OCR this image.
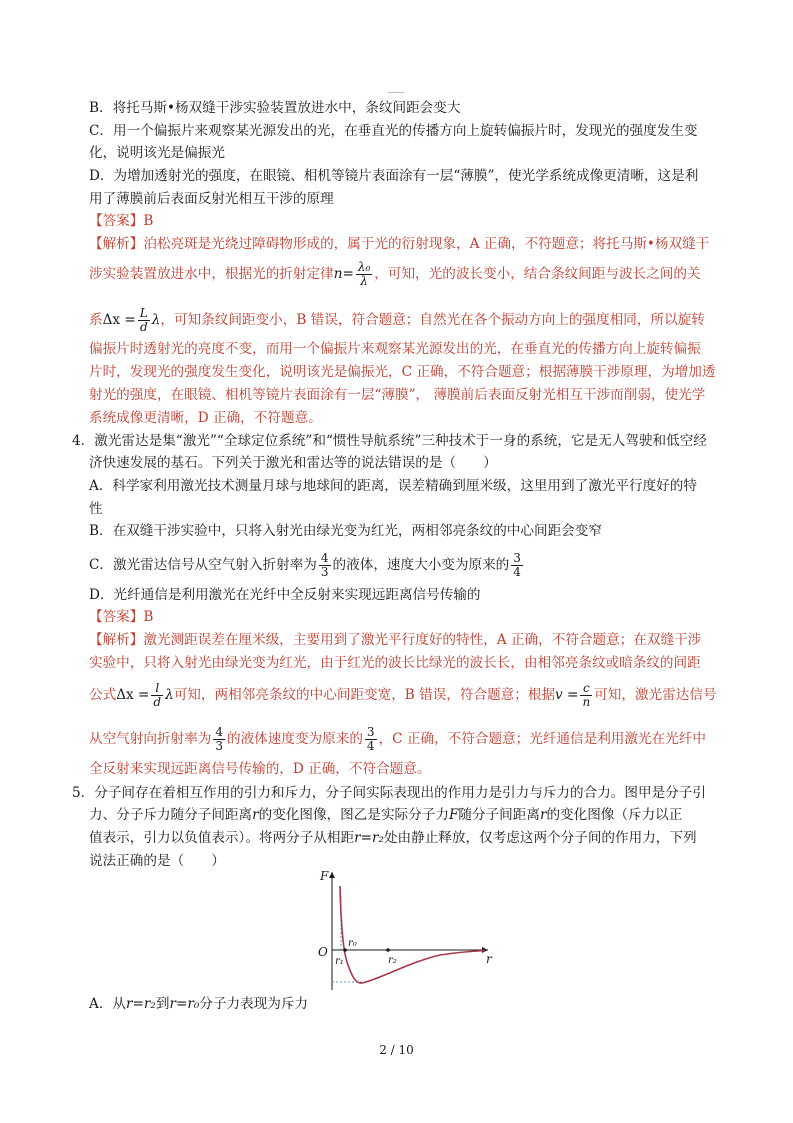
B．将托马斯•杨双缝干涉实验装置放进水中，条纹间距会变大
C．用一个偏振片来观察某光源发出的光，在垂直光的传播方向上旋转偏振片时，发现光的强度发生变
化，说明该光是偏振光
D．为增加透射光的强度，在眼镜、相机等镜片表面涂有一层“薄膜”，使光学系统成像更清晰，这是利
用了薄膜前后表面反射光相互干涉的原理
【答案】B
【解析】泊松亮斑是光绕过障碍物形成的，属于光的衍射现象，A 正确，不符题意；将托马斯•杨双缝干
涉实验装置放进水中，根据光的折射定律$n= \frac{\text{λ₀}}{\lambda}$ ，可知，光的波长变小，结合条纹间距与波长之间的关
系$\Delta x = \frac{L}{d}$ λ，可知条纹间距变小，B 错误，符合题意；自然光在各个振动方向上的强度相同，所以旋转
偏振片时透射光的亮度不变，而用一个偏振片来观察某光源发出的光，在垂直光的传播方向上旋转偏振
片时，发现光的强度发生变化，说明该光是偏振光，C 正确，不符合题意；根据薄膜干涉原理，为增加透
射光的强度，在眼镜、相机等镜片表面涂有一层“薄膜”， 薄膜前后表面反射光相互干涉而削弱，使光学
系统成像更清晰，D 正确，不符题意。
4．激光雷达是集“激光”“全球定位系统”和“惯性导航系统”三种技术于一身的系统，它是无人驾驶和低空经
济快速发展的基石。下列关于激光和雷达等的说法错误的是（　　）
A．科学家利用激光技术测量月球与地球间的距离，误差精确到厘米级，这里用到了激光平行度好的特
性
B．在双缝干涉实验中，只将入射光由绿光变为红光，两相邻亮条纹的中心间距会变窄
C．激光雷达信号从空气射入折射率为 $\frac{4}{3}$ 的液体，速度大小变为原来的 $\frac{3}{4}$
D．光纤通信是利用激光在光纤中全反射来实现远距离信号传输的
【答案】B
【解析】激光测距误差在厘米级，主要用到了激光平行度好的特性，A 正确，不符合题意；在双缝干涉
实验中，只将入射光由绿光变为红光，由于红光的波长比绿光的波长长，由相邻亮条纹或暗条纹的间距
公式$\Delta x = \frac{l}{d}$ λ可知，两相邻亮条纹的中心间距变宽，B 错误，符合题意；根据$v = \frac{c}{n}$ 可知，激光雷达信号
从空气射向折射率为 $\frac{4}{3}$ 的液体速度变为原来的 $\frac{3}{4}$ ，C 正确，不符合题意；光纤通信是利用激光在光纤中
全反射来实现远距离信号传输的，D 正确，不符合题意。
5．分子间存在着相互作用的引力和斥力，分子间实际表现出的作用力是引力与斥力的合力。图甲是分子引
力、分子斥力随分子间距离r的变化图像，图乙是实际分子力F随分子间距离r的变化图像（斥力以正
值表示，引力以负值表示）。将两分子从相距r=r₂处由静止释放，仅考虑这两个分子间的作用力，下列
说法正确的是（　　）
F
O	r
r₀
r₁	r₂
A．从r=r₂到r=r₀分子力表现为斥力
2 / 10
